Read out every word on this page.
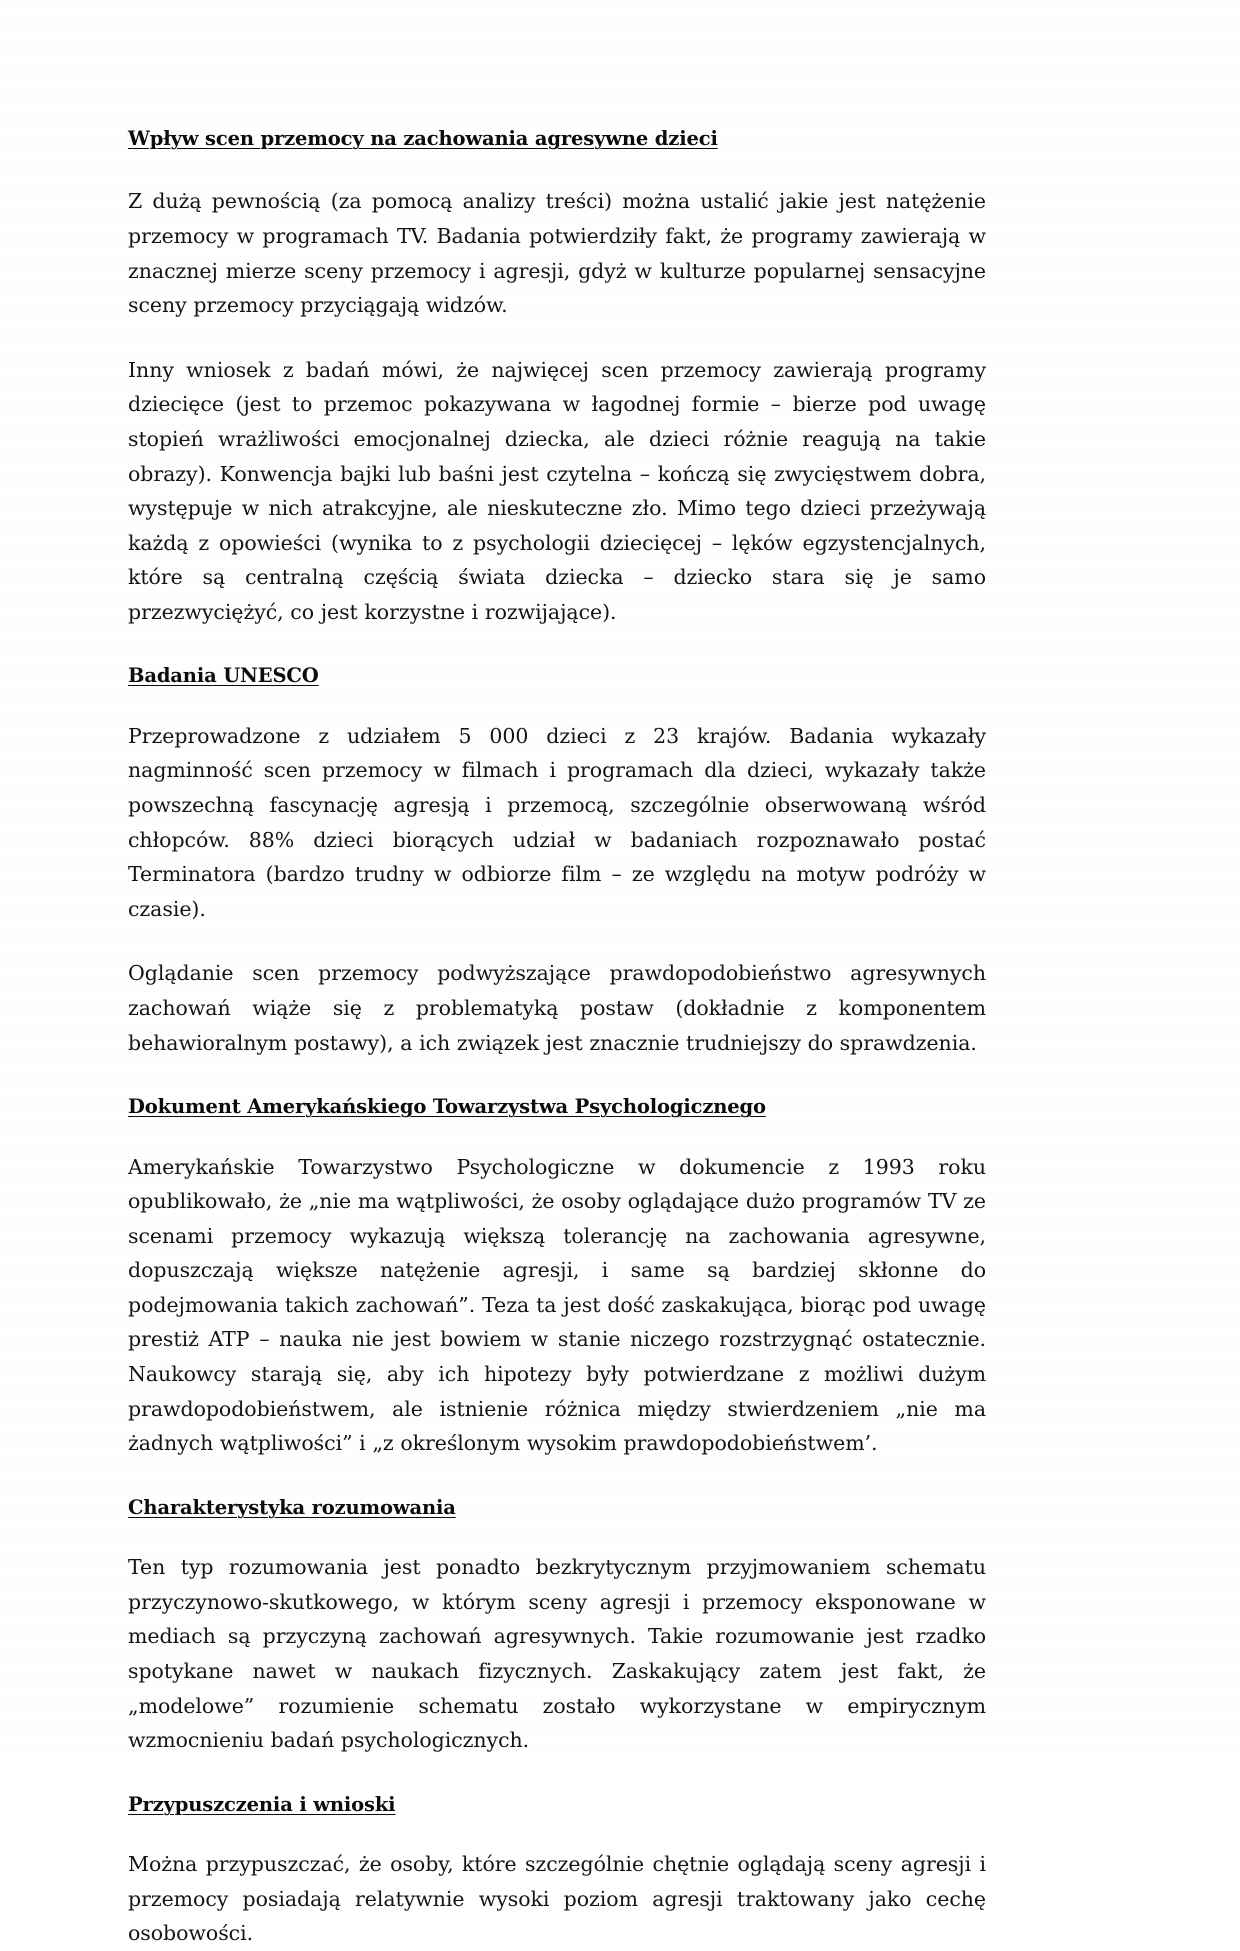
Wpływ scen przemocy na zachowania agresywne dzieci

Z dużą pewnością (za pomocą analizy treści) można ustalić jakie jest natężenie przemocy w programach TV. Badania potwierdziły fakt, że programy zawierają w znacznej mierze sceny przemocy i agresji, gdyż w kulturze popularnej sensacyjne sceny przemocy przyciągają widzów.

Inny wniosek z badań mówi, że najwięcej scen przemocy zawierają programy dziecięce (jest to przemoc pokazywana w łagodnej formie – bierze pod uwagę stopień wrażliwości emocjonalnej dziecka, ale dzieci różnie reagują na takie obrazy). Konwencja bajki lub baśni jest czytelna – kończą się zwycięstwem dobra, występuje w nich atrakcyjne, ale nieskuteczne zło. Mimo tego dzieci przeżywają każdą z opowieści (wynika to z psychologii dziecięcej – lęków egzystencjalnych, które są centralną częścią świata dziecka – dziecko stara się je samo przezwyciężyć, co jest korzystne i rozwijające).

Badania UNESCO

Przeprowadzone z udziałem 5 000 dzieci z 23 krajów. Badania wykazały nagminność scen przemocy w filmach i programach dla dzieci, wykazały także powszechną fascynację agresją i przemocą, szczególnie obserwowaną wśród chłopców. 88% dzieci biorących udział w badaniach rozpoznawało postać Terminatora (bardzo trudny w odbiorze film – ze względu na motyw podróży w czasie).

Oglądanie scen przemocy podwyższające prawdopodobieństwo agresywnych zachowań wiąże się z problematyką postaw (dokładnie z komponentem behawioralnym postawy), a ich związek jest znacznie trudniejszy do sprawdzenia.

Dokument Amerykańskiego Towarzystwa Psychologicznego

Amerykańskie Towarzystwo Psychologiczne w dokumencie z 1993 roku opublikowało, że „nie ma wątpliwości, że osoby oglądające dużo programów TV ze scenami przemocy wykazują większą tolerancję na zachowania agresywne, dopuszczają większe natężenie agresji, i same są bardziej skłonne do podejmowania takich zachowań”. Teza ta jest dość zaskakująca, biorąc pod uwagę prestiż ATP – nauka nie jest bowiem w stanie niczego rozstrzygnąć ostatecznie. Naukowcy starają się, aby ich hipotezy były potwierdzane z możliwi dużym prawdopodobieństwem, ale istnienie różnica między stwierdzeniem „nie ma żadnych wątpliwości” i „z określonym wysokim prawdopodobieństwem’.

Charakterystyka rozumowania

Ten typ rozumowania jest ponadto bezkrytycznym przyjmowaniem schematu przyczynowo-skutkowego, w którym sceny agresji i przemocy eksponowane w mediach są przyczyną zachowań agresywnych. Takie rozumowanie jest rzadko spotykane nawet w naukach fizycznych. Zaskakujący zatem jest fakt, że „modelowe” rozumienie schematu zostało wykorzystane w empirycznym wzmocnieniu badań psychologicznych.

Przypuszczenia i wnioski

Można przypuszczać, że osoby, które szczególnie chętnie oglądają sceny agresji i przemocy posiadają relatywnie wysoki poziom agresji traktowany jako cechę osobowości.
